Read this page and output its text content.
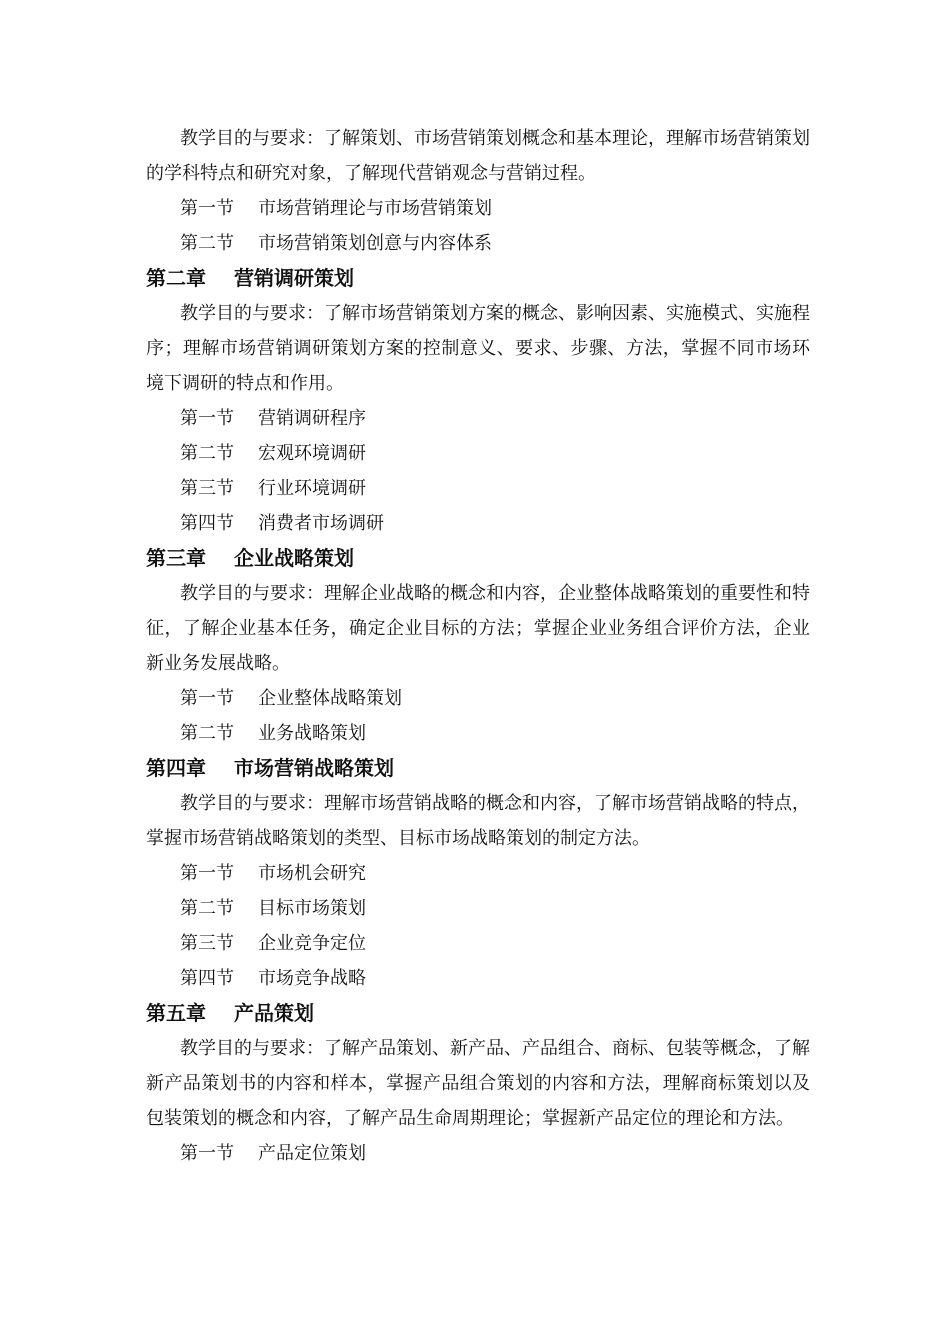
教学目的与要求：了解策划、市场营销策划概念和基本理论，理解市场营销策划的学科特点和研究对象，了解现代营销观念与营销过程。

第一节 市场营销理论与市场营销策划

第二节 市场营销策划创意与内容体系

第二章 营销调研策划

教学目的与要求：了解市场营销策划方案的概念、影响因素、实施模式、实施程序；理解市场营销调研策划方案的控制意义、要求、步骤、方法，掌握不同市场环境下调研的特点和作用。

第一节 营销调研程序

第二节 宏观环境调研

第三节 行业环境调研

第四节 消费者市场调研

第三章 企业战略策划

教学目的与要求：理解企业战略的概念和内容，企业整体战略策划的重要性和特征，了解企业基本任务，确定企业目标的方法；掌握企业业务组合评价方法，企业新业务发展战略。

第一节 企业整体战略策划

第二节 业务战略策划

第四章 市场营销战略策划

教学目的与要求：理解市场营销战略的概念和内容，了解市场营销战略的特点，掌握市场营销战略策划的类型、目标市场战略策划的制定方法。

第一节 市场机会研究

第二节 目标市场策划

第三节 企业竞争定位

第四节 市场竞争战略

第五章 产品策划

教学目的与要求：了解产品策划、新产品、产品组合、商标、包装等概念，了解新产品策划书的内容和样本，掌握产品组合策划的内容和方法，理解商标策划以及包装策划的概念和内容，了解产品生命周期理论；掌握新产品定位的理论和方法。

第一节 产品定位策划
